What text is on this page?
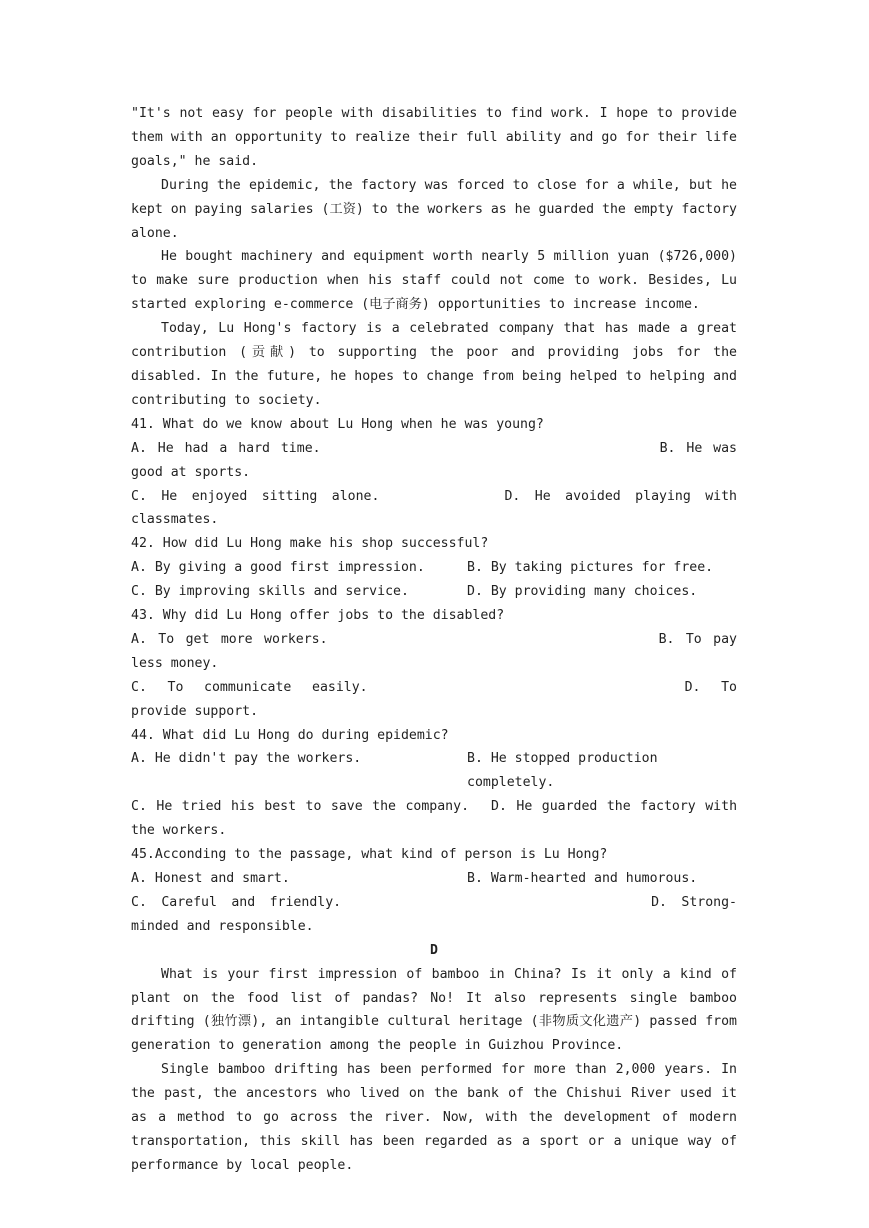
"It's not easy for people with disabilities to find work. I hope to provide them with an opportunity to realize their full ability and go for their life goals," he said.

During the epidemic, the factory was forced to close for a while, but he kept on paying salaries (工资) to the workers as he guarded the empty factory alone.

He bought machinery and equipment worth nearly 5 million yuan ($726,000) to make sure production when his staff could not come to work. Besides, Lu started exploring e-commerce (电子商务) opportunities to increase income.

Today, Lu Hong's factory is a celebrated company that has made a great contribution (贡献) to supporting the poor and providing jobs for the disabled. In the future, he hopes to change from being helped to helping and contributing to society.

41. What do we know about Lu Hong when he was young?

A. He had a hard time.	B. He was good at sports.

C. He enjoyed sitting alone.	D. He avoided playing with classmates.

42. How did Lu Hong make his shop successful?

A. By giving a good first impression.	B. By taking pictures for free.

C. By improving skills and service.	D. By providing many choices.

43. Why did Lu Hong offer jobs to the disabled?

A. To get more workers.	B. To pay less money.

C. To communicate easily.	D. To provide support.

44. What did Lu Hong do during epidemic?

A. He didn't pay the workers.	B. He stopped production completely.

C. He tried his best to save the company. D. He guarded the factory with the workers.

45.Acconding to the passage, what kind of person is Lu Hong?

A. Honest and smart.	B. Warm-hearted and humorous.

C. Careful and friendly.	D. Strong-minded and responsible.

D

What is your first impression of bamboo in China? Is it only a kind of plant on the food list of pandas? No! It also represents single bamboo drifting (独竹漂), an intangible cultural heritage (非物质文化遗产) passed from generation to generation among the people in Guizhou Province.

Single bamboo drifting has been performed for more than 2,000 years. In the past, the ancestors who lived on the bank of the Chishui River used it as a method to go across the river. Now, with the development of modern transportation, this skill has been regarded as a sport or a unique way of performance by local people.
